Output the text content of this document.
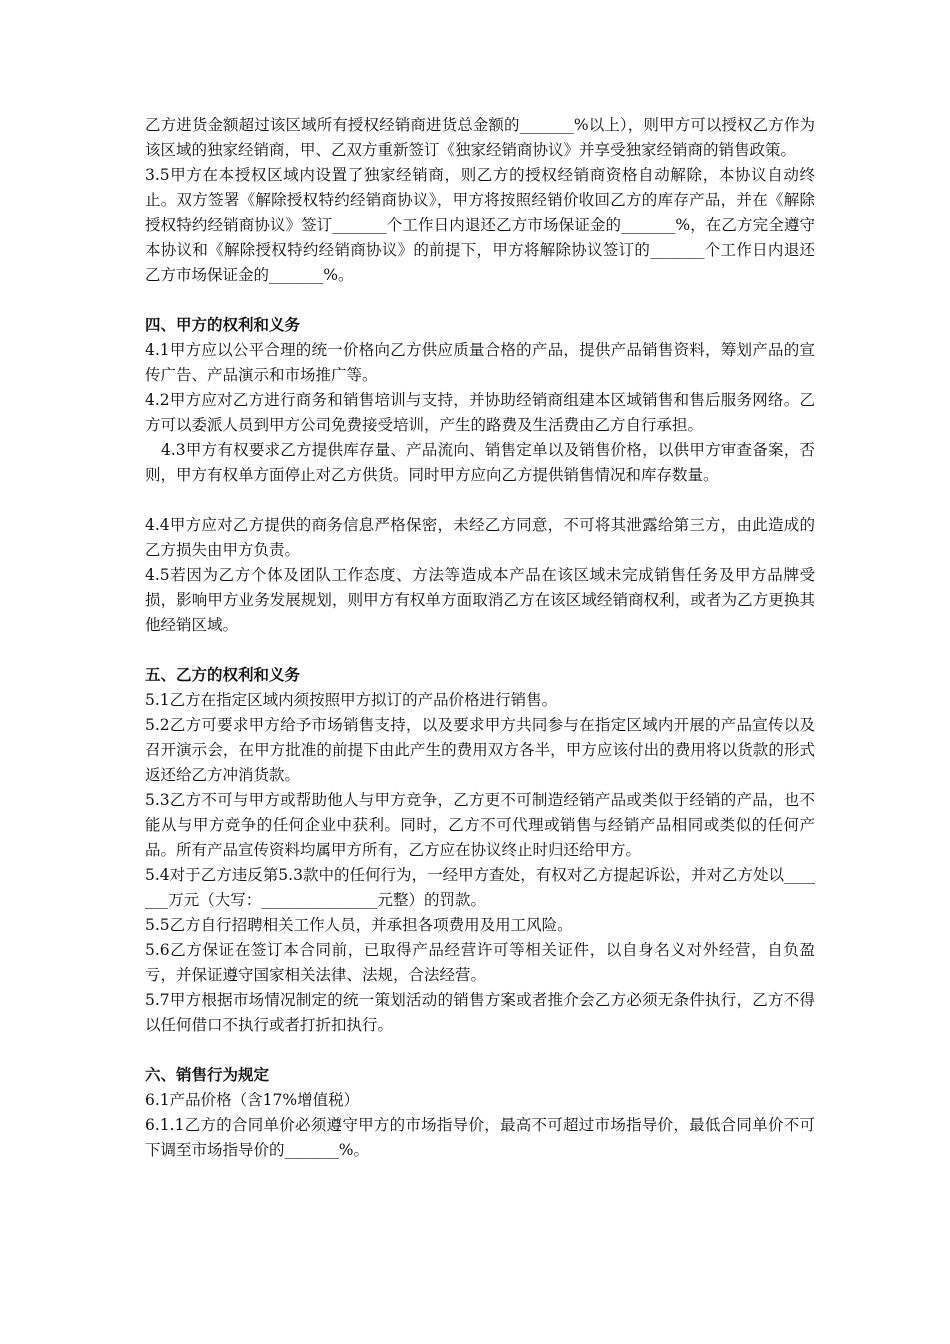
乙方进货金额超过该区域所有授权经销商进货总金额的_______%以上），则甲方可以授权乙方作为该区域的独家经销商，甲、乙双方重新签订《独家经销商协议》并享受独家经销商的销售政策。

3.5甲方在本授权区域内设置了独家经销商，则乙方的授权经销商资格自动解除，本协议自动终止。双方签署《解除授权特约经销商协议》，甲方将按照经销价收回乙方的库存产品，并在《解除授权特约经销商协议》签订_______个工作日内退还乙方市场保证金的_______%，在乙方完全遵守本协议和《解除授权特约经销商协议》的前提下，甲方将解除协议签订的_______个工作日内退还乙方市场保证金的_______%。

四、甲方的权利和义务

4.1甲方应以公平合理的统一价格向乙方供应质量合格的产品，提供产品销售资料，筹划产品的宣传广告、产品演示和市场推广等。

4.2甲方应对乙方进行商务和销售培训与支持，并协助经销商组建本区域销售和售后服务网络。乙方可以委派人员到甲方公司免费接受培训，产生的路费及生活费由乙方自行承担。

4.3甲方有权要求乙方提供库存量、产品流向、销售定单以及销售价格，以供甲方审查备案，否则，甲方有权单方面停止对乙方供货。同时甲方应向乙方提供销售情况和库存数量。

4.4甲方应对乙方提供的商务信息严格保密，未经乙方同意，不可将其泄露给第三方，由此造成的乙方损失由甲方负责。

4.5若因为乙方个体及团队工作态度、方法等造成本产品在该区域未完成销售任务及甲方品牌受损，影响甲方业务发展规划，则甲方有权单方面取消乙方在该区域经销商权利，或者为乙方更换其他经销区域。

五、乙方的权利和义务

5.1乙方在指定区域内须按照甲方拟订的产品价格进行销售。

5.2乙方可要求甲方给予市场销售支持，以及要求甲方共同参与在指定区域内开展的产品宣传以及召开演示会，在甲方批准的前提下由此产生的费用双方各半，甲方应该付出的费用将以货款的形式返还给乙方冲消货款。

5.3乙方不可与甲方或帮助他人与甲方竞争，乙方更不可制造经销产品或类似于经销的产品，也不能从与甲方竞争的任何企业中获利。同时，乙方不可代理或销售与经销产品相同或类似的任何产品。所有产品宣传资料均属甲方所有，乙方应在协议终止时归还给甲方。

5.4对于乙方违反第5.3款中的任何行为，一经甲方查处，有权对乙方提起诉讼，并对乙方处以_______万元（大写：_______________元整）的罚款。

5.5乙方自行招聘相关工作人员，并承担各项费用及用工风险。

5.6乙方保证在签订本合同前，已取得产品经营许可等相关证件，以自身名义对外经营，自负盈亏，并保证遵守国家相关法律、法规，合法经营。

5.7甲方根据市场情况制定的统一策划活动的销售方案或者推介会乙方必须无条件执行，乙方不得以任何借口不执行或者打折扣执行。

六、销售行为规定

6.1产品价格（含17%增值税）

6.1.1乙方的合同单价必须遵守甲方的市场指导价，最高不可超过市场指导价，最低合同单价不可下调至市场指导价的_______%。
